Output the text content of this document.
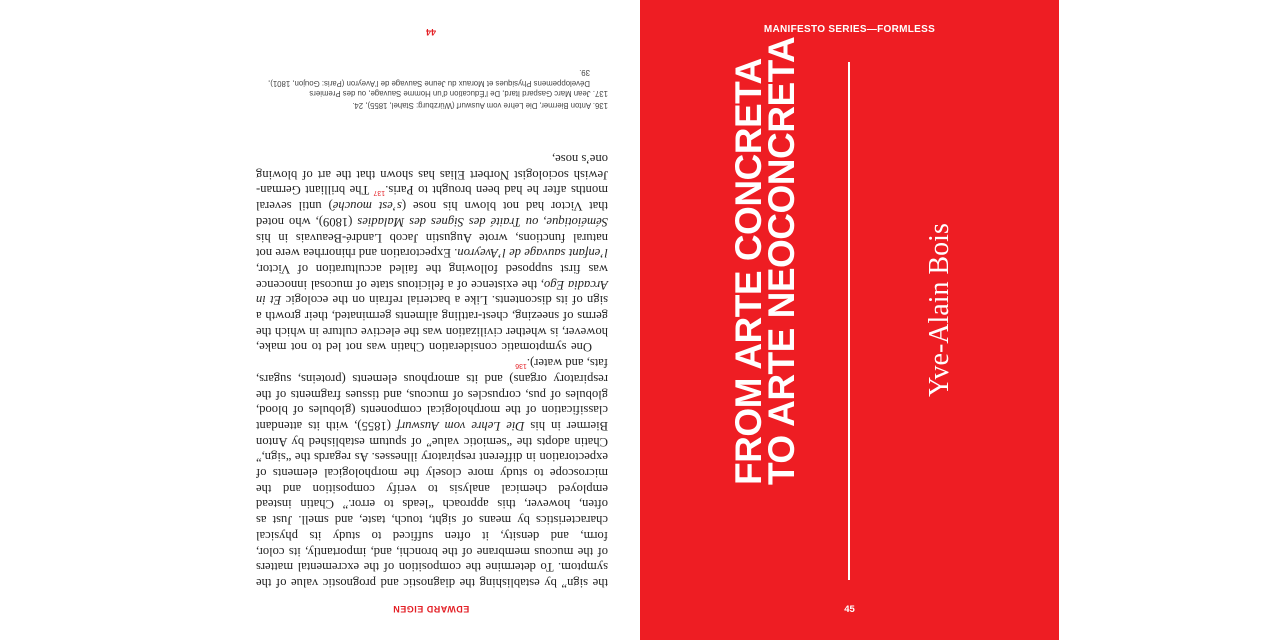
EDWARD EIGEN

the sign” by establishing the diagnostic and prognostic value of the symptom. To determine the composition of the excremental matters of the mucous membrane of the bronchi, and, importantly, its color, form, and density, it often sufficed to study its physical characteristics by means of sight, touch, taste, and smell. Just as often, however, this approach “leads to error.” Chatin instead employed chemical analysis to verify composition and the microscope to study more closely the morphological elements of expectoration in different respiratory illnesses. As regards the “sign,” Chatin adopts the “semiotic value” of sputum established by Anton Biermer in his Die Lehre vom Auswurf (1855), with its attendant classification of the morphological components (globules of blood, globules of pus, corpuscles of mucous, and tissues fragments of the respiratory organs) and its amorphous elements (proteins, sugars, fats, and water).$^{136}$

One symptomatic consideration Chatin was not led to not make, however, is whether civilization was the elective culture in which the germs of sneezing, chest-rattling ailments germinated, their growth a sign of its discontents. Like a bacterial refrain on the ecologic Et in Arcadia Ego, the existence of a felicitous state of mucosal innocence was first supposed following the failed acculturation of Victor, l’enfant sauvage de l’Aveyron. Expectoration and rhinorrhea were not natural functions, wrote Augustin Jacob Landré-Beauvais in his Séméiotique, ou Traité des Signes des Maladies (1809), who noted that Victor had not blown his nose (s’est mouché) until several months after he had been brought to Paris.$^{137}$ The brilliant German-Jewish sociologist Norbert Elias has shown that the art of blowing one’s nose,

136. Anton Biermer, Die Lehre vom Auswurf (Würzburg: Stahel, 1855), 24.

137. Jean Marc Gaspard Itard, De l’Éducation d’un Homme Sauvage, ou des Premiers Développemens Physiques et Moraux du Jeune Sauvage de l’Aveyron (Paris: Goujon, 1801), 39.

44	MANIFESTO SERIES—FORMLESS
45
FROM ARTE CONCRETA
TO ARTE NEOCONCRETA	Yve-Alain Bois
